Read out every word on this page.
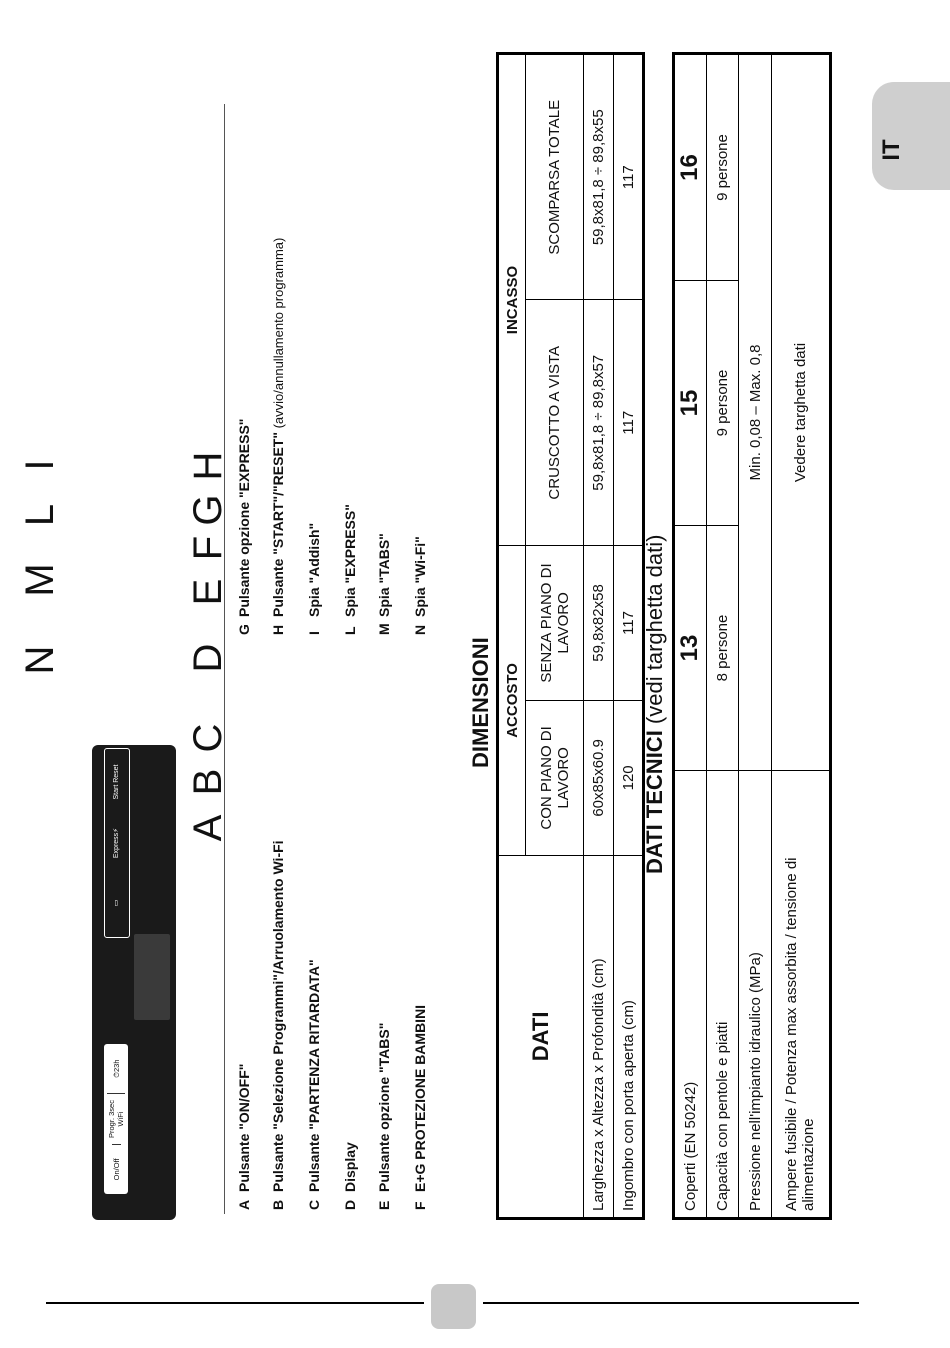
IT
On/Off
Progr. 3sec WiFi
⏱23h
▭
Express⚡
Start Reset
N
M
L
I
A
B
C
D
E
F
G
H
APulsante "ON/OFF"
BPulsante "Selezione Programmi"/Arruolamento Wi-Fi
CPulsante "PARTENZA RITARDATA"
DDisplay
EPulsante opzione "TABS"
FE+G PROTEZIONE BAMBINI
GPulsante opzione "EXPRESS"
HPulsante "START"/"RESET" (avvio/annullamento programma)
ISpia "Addish"
LSpia "EXPRESS"
MSpia "TABS"
NSpia "Wi-Fi"
DIMENSIONI
DATI	ACCOSTO		INCASSO	
	CON PIANO DI LAVORO	SENZA PIANO DI LAVORO	CRUSCOTTO A VISTA	SCOMPARSA TOTALE
Larghezza x Altezza x Profondità (cm)	60x85x60.9	59,8x82x58	59,8x81,8 ÷ 89,8x57	59,8x81,8 ÷ 89,8x55
Ingombro con porta aperta (cm)	120	117	117	117
DATI TECNICI (vedi targhetta dati)
Coperti (EN 50242)	13	15	16
Capacità con pentole e piatti	8 persone	9 persone	9 persone
Pressione nell'impianto idraulico (MPa)	Min. 0,08 – Max. 0,8		
Ampere fusibile / Potenza max assorbita / tensione di alimentazione	Vedere targhetta dati		
